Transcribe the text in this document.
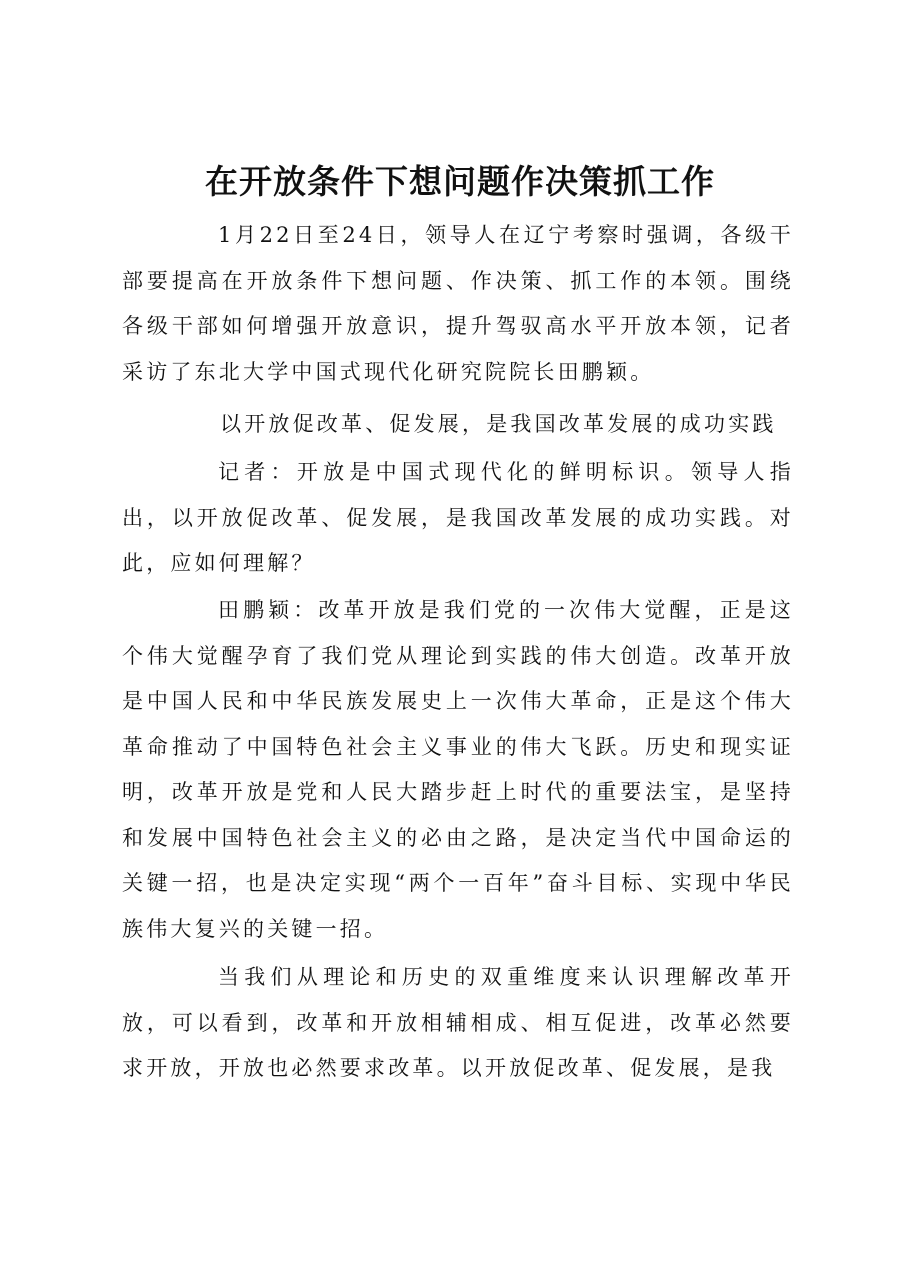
在开放条件下想问题作决策抓工作

1月22日至24日，领导人在辽宁考察时强调，各级干部要提高在开放条件下想问题、作决策、抓工作的本领。围绕各级干部如何增强开放意识，提升驾驭高水平开放本领，记者采访了东北大学中国式现代化研究院院长田鹏颖。

以开放促改革、促发展，是我国改革发展的成功实践

记者：开放是中国式现代化的鲜明标识。领导人指出，以开放促改革、促发展，是我国改革发展的成功实践。对此，应如何理解？

田鹏颖：改革开放是我们党的一次伟大觉醒，正是这个伟大觉醒孕育了我们党从理论到实践的伟大创造。改革开放是中国人民和中华民族发展史上一次伟大革命，正是这个伟大革命推动了中国特色社会主义事业的伟大飞跃。历史和现实证明，改革开放是党和人民大踏步赶上时代的重要法宝，是坚持和发展中国特色社会主义的必由之路，是决定当代中国命运的关键一招，也是决定实现“两个一百年”奋斗目标、实现中华民族伟大复兴的关键一招。

当我们从理论和历史的双重维度来认识理解改革开放，可以看到，改革和开放相辅相成、相互促进，改革必然要求开放，开放也必然要求改革。以开放促改革、促发展，是我
